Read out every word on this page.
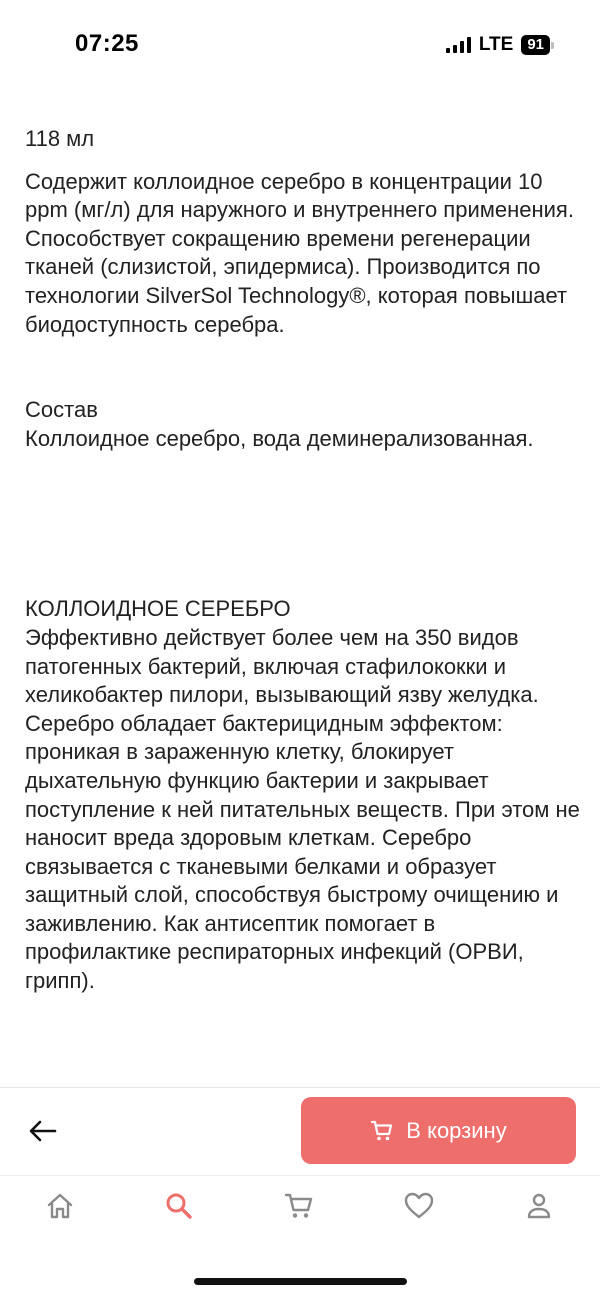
07:25	LTE 91

118 мл

Содержит коллоидное серебро в концентрации 10 ppm (мг/л) для наружного и внутреннего применения. Способствует сокращению времени регенерации тканей (слизистой, эпидермиса). Производится по технологии SilverSol Technology®, которая повышает биодоступность серебра.

Состав

Коллоидное серебро, вода деминерализованная.

КОЛЛОИДНОЕ СЕРЕБРО

Эффективно действует более чем на 350 видов патогенных бактерий, включая стафилококки и хеликобактер пилори, вызывающий язву желудка. Серебро обладает бактерицидным эффектом: проникая в зараженную клетку, блокирует дыхательную функцию бактерии и закрывает поступление к ней питательных веществ. При этом не наносит вреда здоровым клеткам. Серебро связывается с тканевыми белками и образует защитный слой, способствуя быстрому очищению и заживлению. Как антисептик помогает в профилактике респираторных инфекций (ОРВИ, грипп).

В корзину
